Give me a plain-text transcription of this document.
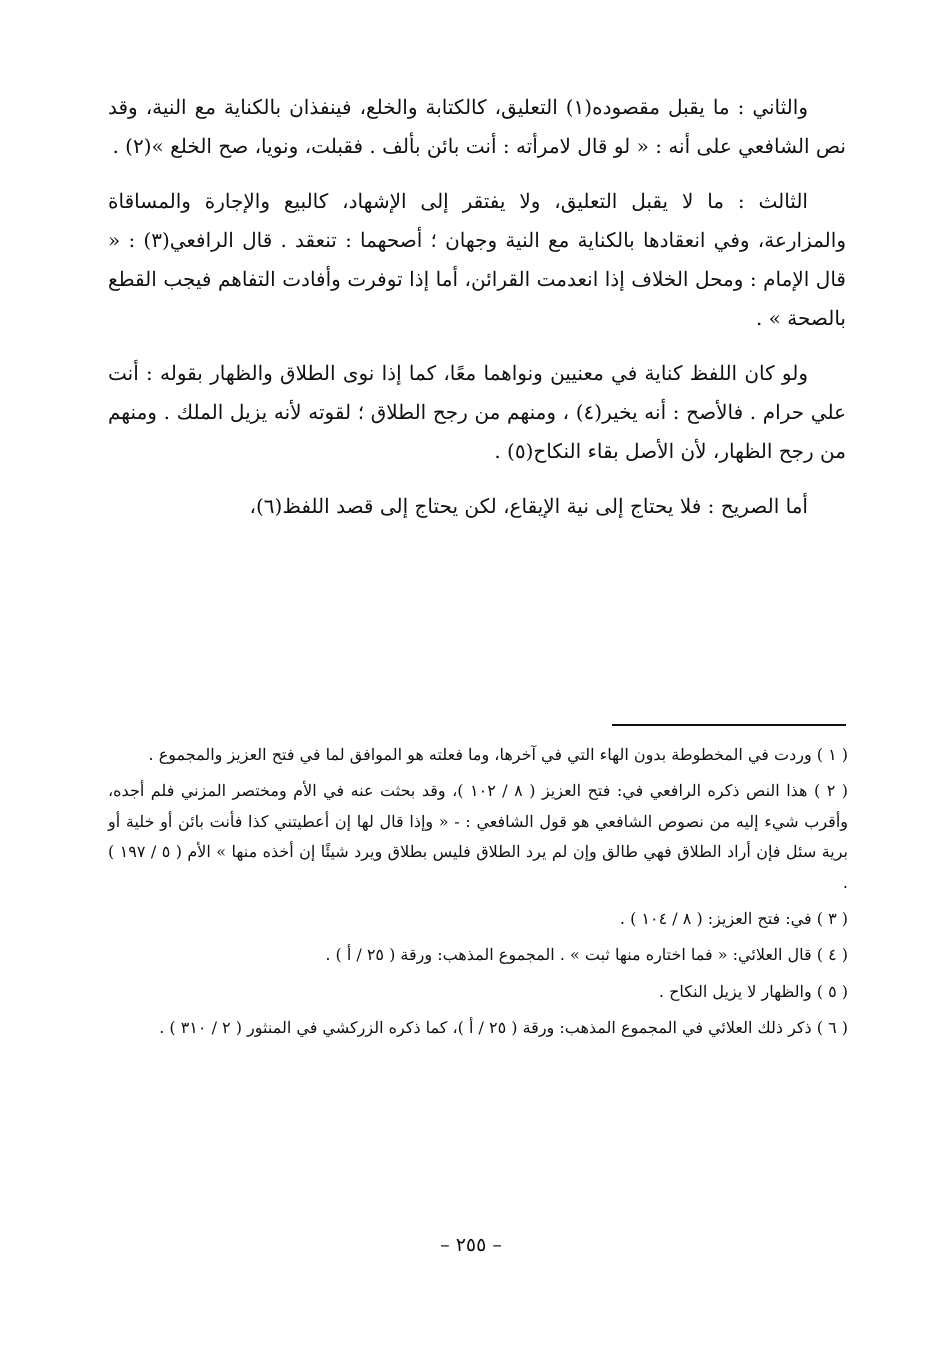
والثاني : ما يقبل مقصوده(١) التعليق، كالكتابة والخلع، فينفذان بالكناية مع النية، وقد نص الشافعي على أنه : « لو قال لامرأته : أنت بائن بألف . فقبلت، ونويا، صح الخلع »(٢) .

الثالث : ما لا يقبل التعليق، ولا يفتقر إلى الإشهاد، كالبيع والإجارة والمساقاة والمزارعة، وفي انعقادها بالكناية مع النية وجهان ؛ أصحهما : تنعقد . قال الرافعي(٣) : « قال الإمام : ومحل الخلاف إذا انعدمت القرائن، أما إذا توفرت وأفادت التفاهم فيجب القطع بالصحة » .

ولو كان اللفظ كناية في معنيين ونواهما معًا، كما إذا نوى الطلاق والظهار بقوله : أنت علي حرام . فالأصح : أنه يخير(٤) ، ومنهم من رجح الطلاق ؛ لقوته لأنه يزيل الملك . ومنهم من رجح الظهار، لأن الأصل بقاء النكاح(٥) .

أما الصريح : فلا يحتاج إلى نية الإيقاع، لكن يحتاج إلى قصد اللفظ(٦)،

( ١ ) وردت في المخطوطة بدون الهاء التي في آخرها، وما فعلته هو الموافق لما في فتح العزيز والمجموع .
( ٢ ) هذا النص ذكره الرافعي في: فتح العزيز ( ٨ / ١٠٢ )، وقد بحثت عنه في الأم ومختصر المزني فلم أجده، وأقرب شيء إليه من نصوص الشافعي هو قول الشافعي : - « وإذا قال لها إن أعطيتني كذا فأنت بائن أو خلية أو برية سئل فإن أراد الطلاق فهي طالق وإن لم يرد الطلاق فليس بطلاق ويرد شيئًا إن أخذه منها » الأم ( ٥ / ١٩٧ ) .
( ٣ ) في: فتح العزيز: ( ٨ / ١٠٤ ) .
( ٤ ) قال العلائي: « فما اختاره منها ثبت » . المجموع المذهب: ورقة ( ٢٥ / أ ) .
( ٥ ) والظهار لا يزيل النكاح .
( ٦ ) ذكر ذلك العلائي في المجموع المذهب: ورقة ( ٢٥ / أ )، كما ذكره الزركشي في المنثور ( ٢ / ٣١٠ ) .
– ٢٥٥ –
